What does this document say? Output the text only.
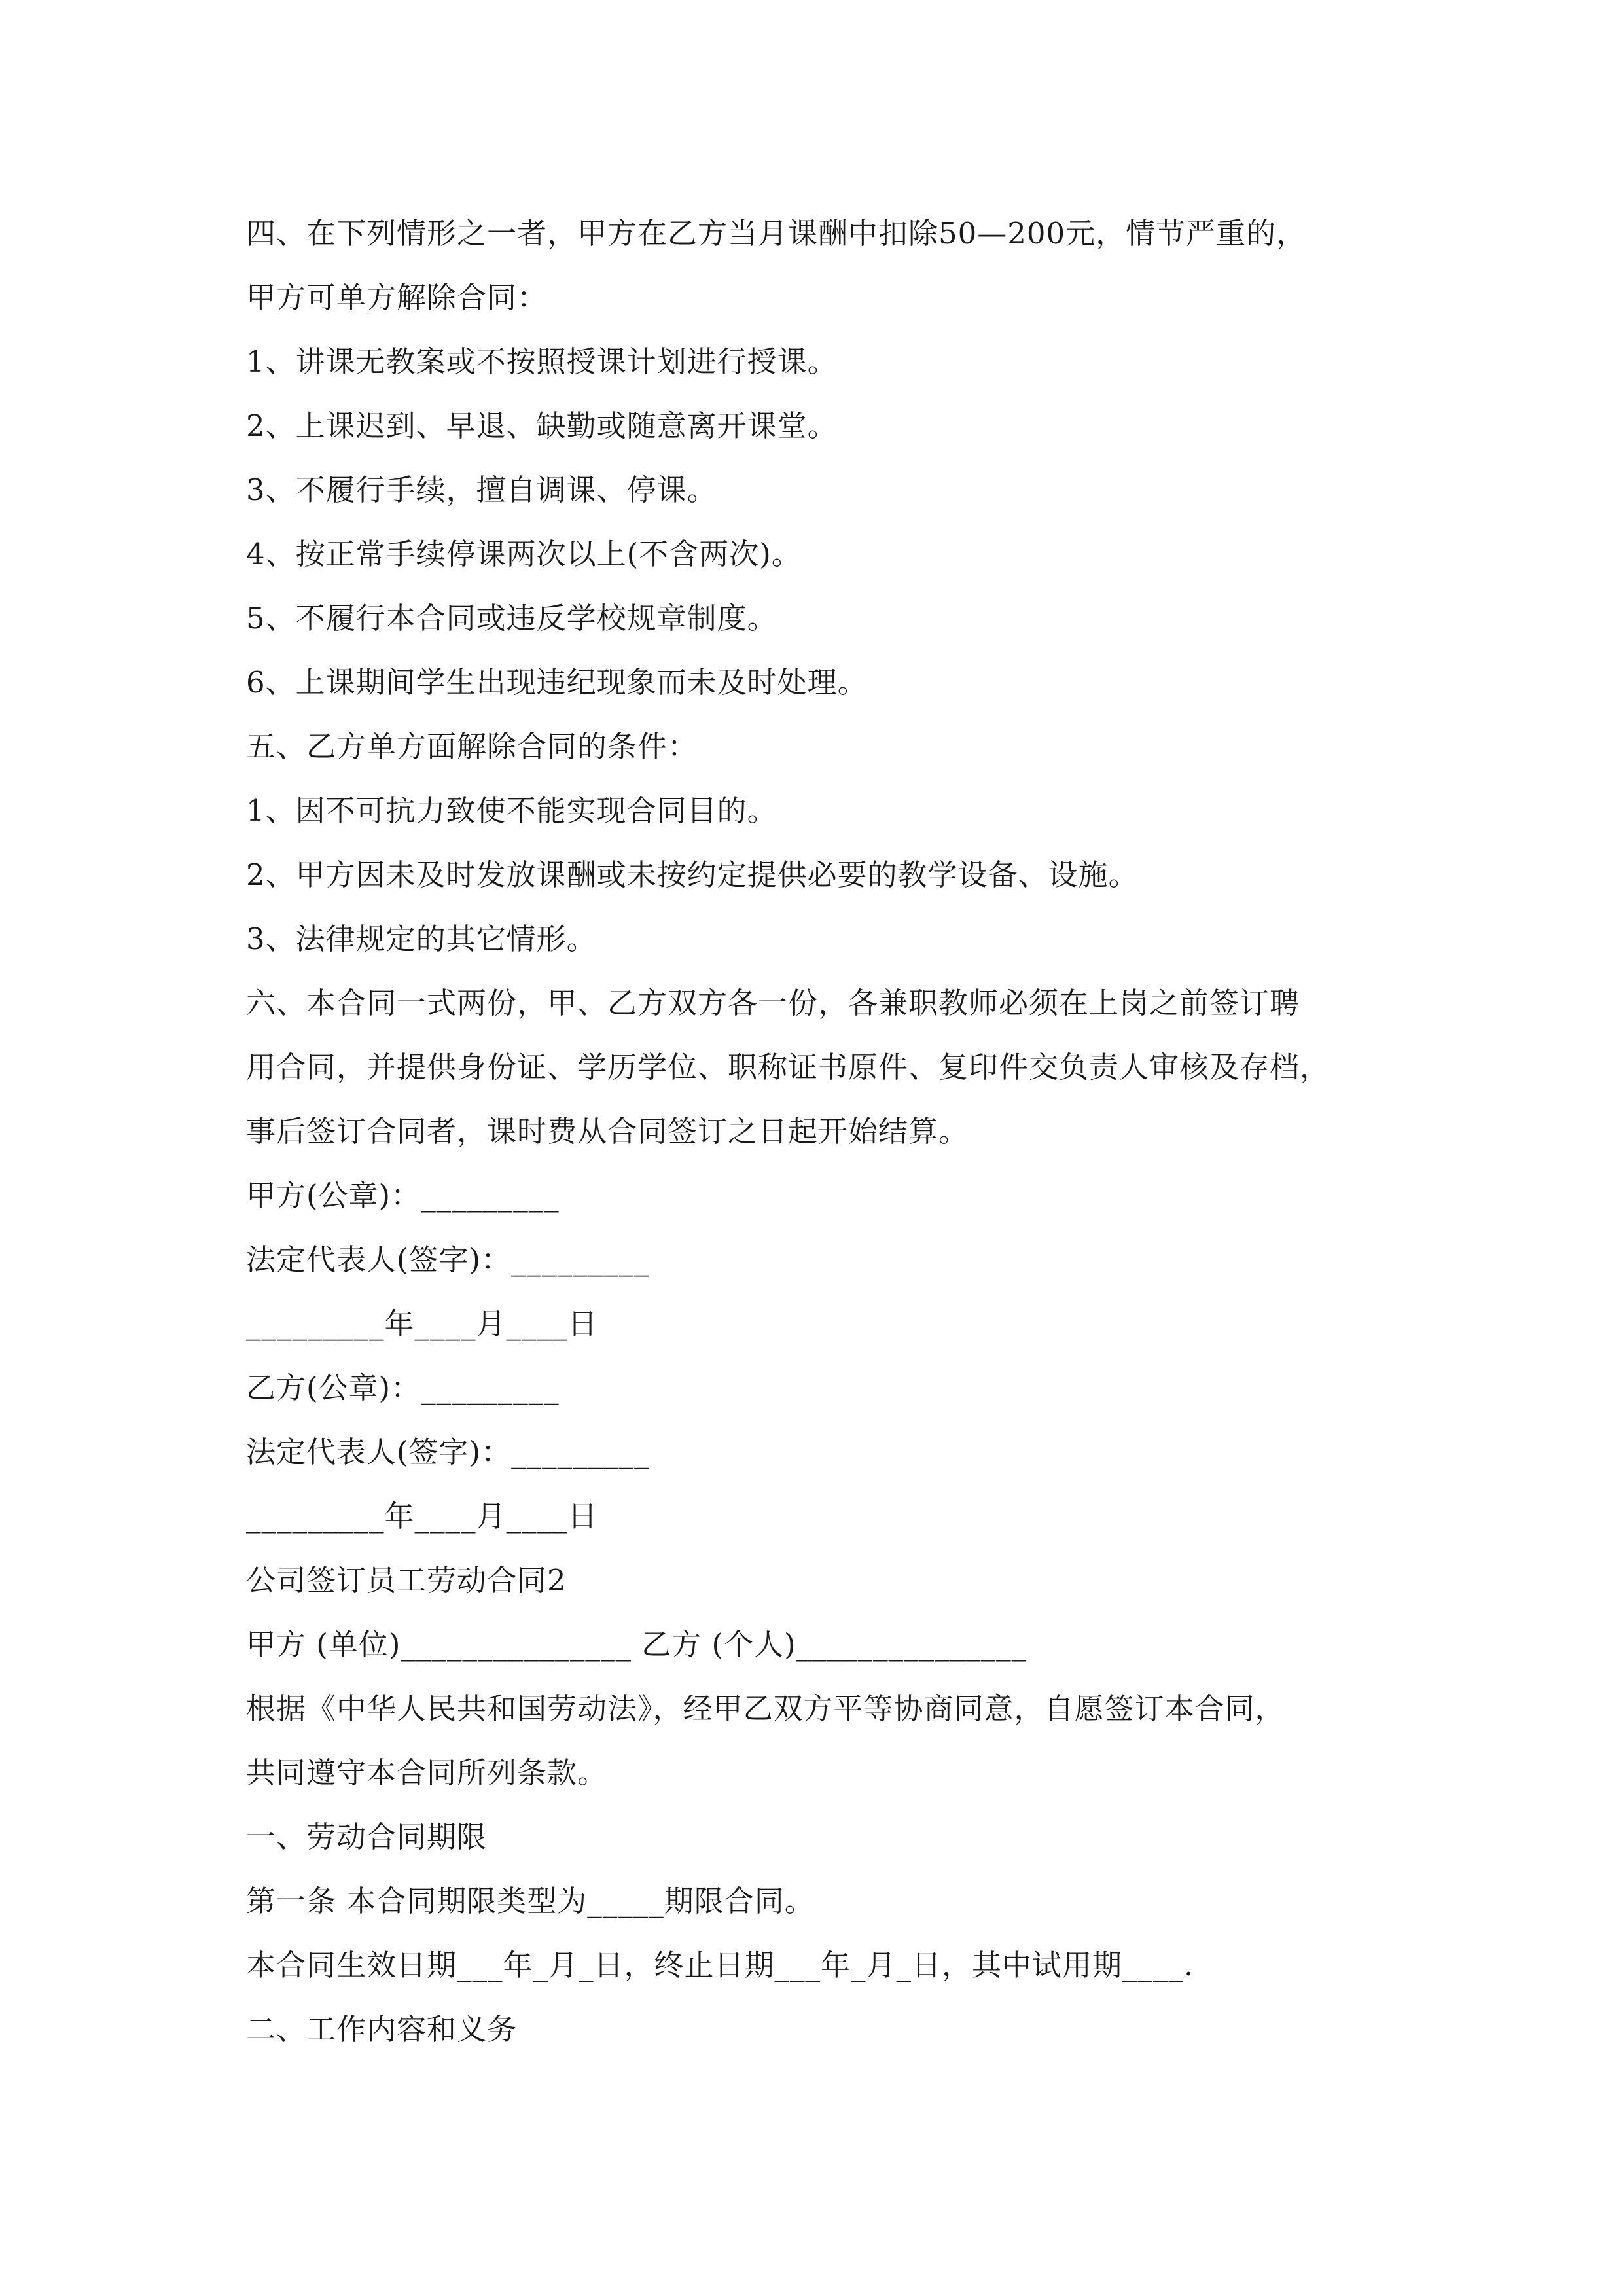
四、在下列情形之一者，甲方在乙方当月课酬中扣除50—200元，情节严重的，
甲方可单方解除合同：
1、讲课无教案或不按照授课计划进行授课。
2、上课迟到、早退、缺勤或随意离开课堂。
3、不履行手续，擅自调课、停课。
4、按正常手续停课两次以上(不含两次)。
5、不履行本合同或违反学校规章制度。
6、上课期间学生出现违纪现象而未及时处理。
五、乙方单方面解除合同的条件：
1、因不可抗力致使不能实现合同目的。
2、甲方因未及时发放课酬或未按约定提供必要的教学设备、设施。
3、法律规定的其它情形。
六、本合同一式两份，甲、乙方双方各一份，各兼职教师必须在上岗之前签订聘
用合同，并提供身份证、学历学位、职称证书原件、复印件交负责人审核及存档，
事后签订合同者，课时费从合同签订之日起开始结算。
甲方(公章)：_________
法定代表人(签字)：_________
_________年____月____日
乙方(公章)：_________
法定代表人(签字)：_________
_________年____月____日
公司签订员工劳动合同2
甲方 (单位)_______________ 乙方 (个人)_______________
根据《中华人民共和国劳动法》，经甲乙双方平等协商同意，自愿签订本合同，
共同遵守本合同所列条款。
一、劳动合同期限
第一条 本合同期限类型为_____期限合同。
本合同生效日期___年_月_日，终止日期___年_月_日，其中试用期____.
二、工作内容和义务
